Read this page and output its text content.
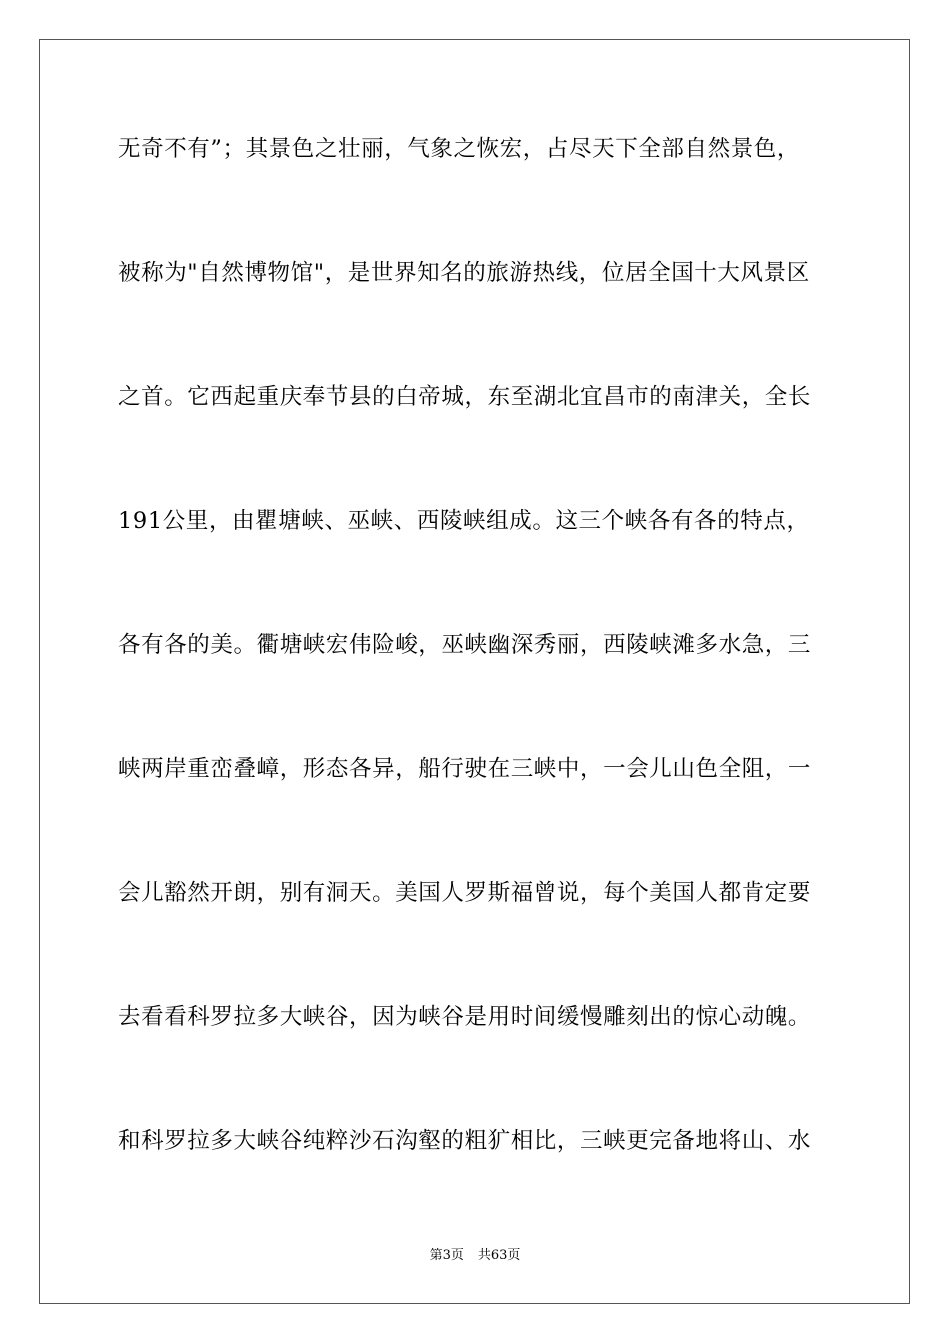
无奇不有”；其景色之壮丽，气象之恢宏，占尽天下全部自然景色，
被称为"自然博物馆"，是世界知名的旅游热线，位居全国十大风景区
之首。它西起重庆奉节县的白帝城，东至湖北宜昌市的南津关，全长
191公里，由瞿塘峡、巫峡、西陵峡组成。这三个峡各有各的特点，
各有各的美。衢塘峡宏伟险峻，巫峡幽深秀丽，西陵峡滩多水急，三
峡两岸重峦叠嶂，形态各异，船行驶在三峡中，一会儿山色全阻，一
会儿豁然开朗，别有洞天。美国人罗斯福曾说，每个美国人都肯定要
去看看科罗拉多大峡谷，因为峡谷是用时间缓慢雕刻出的惊心动魄。
和科罗拉多大峡谷纯粹沙石沟壑的粗犷相比，三峡更完备地将山、水
第3页 共63页
